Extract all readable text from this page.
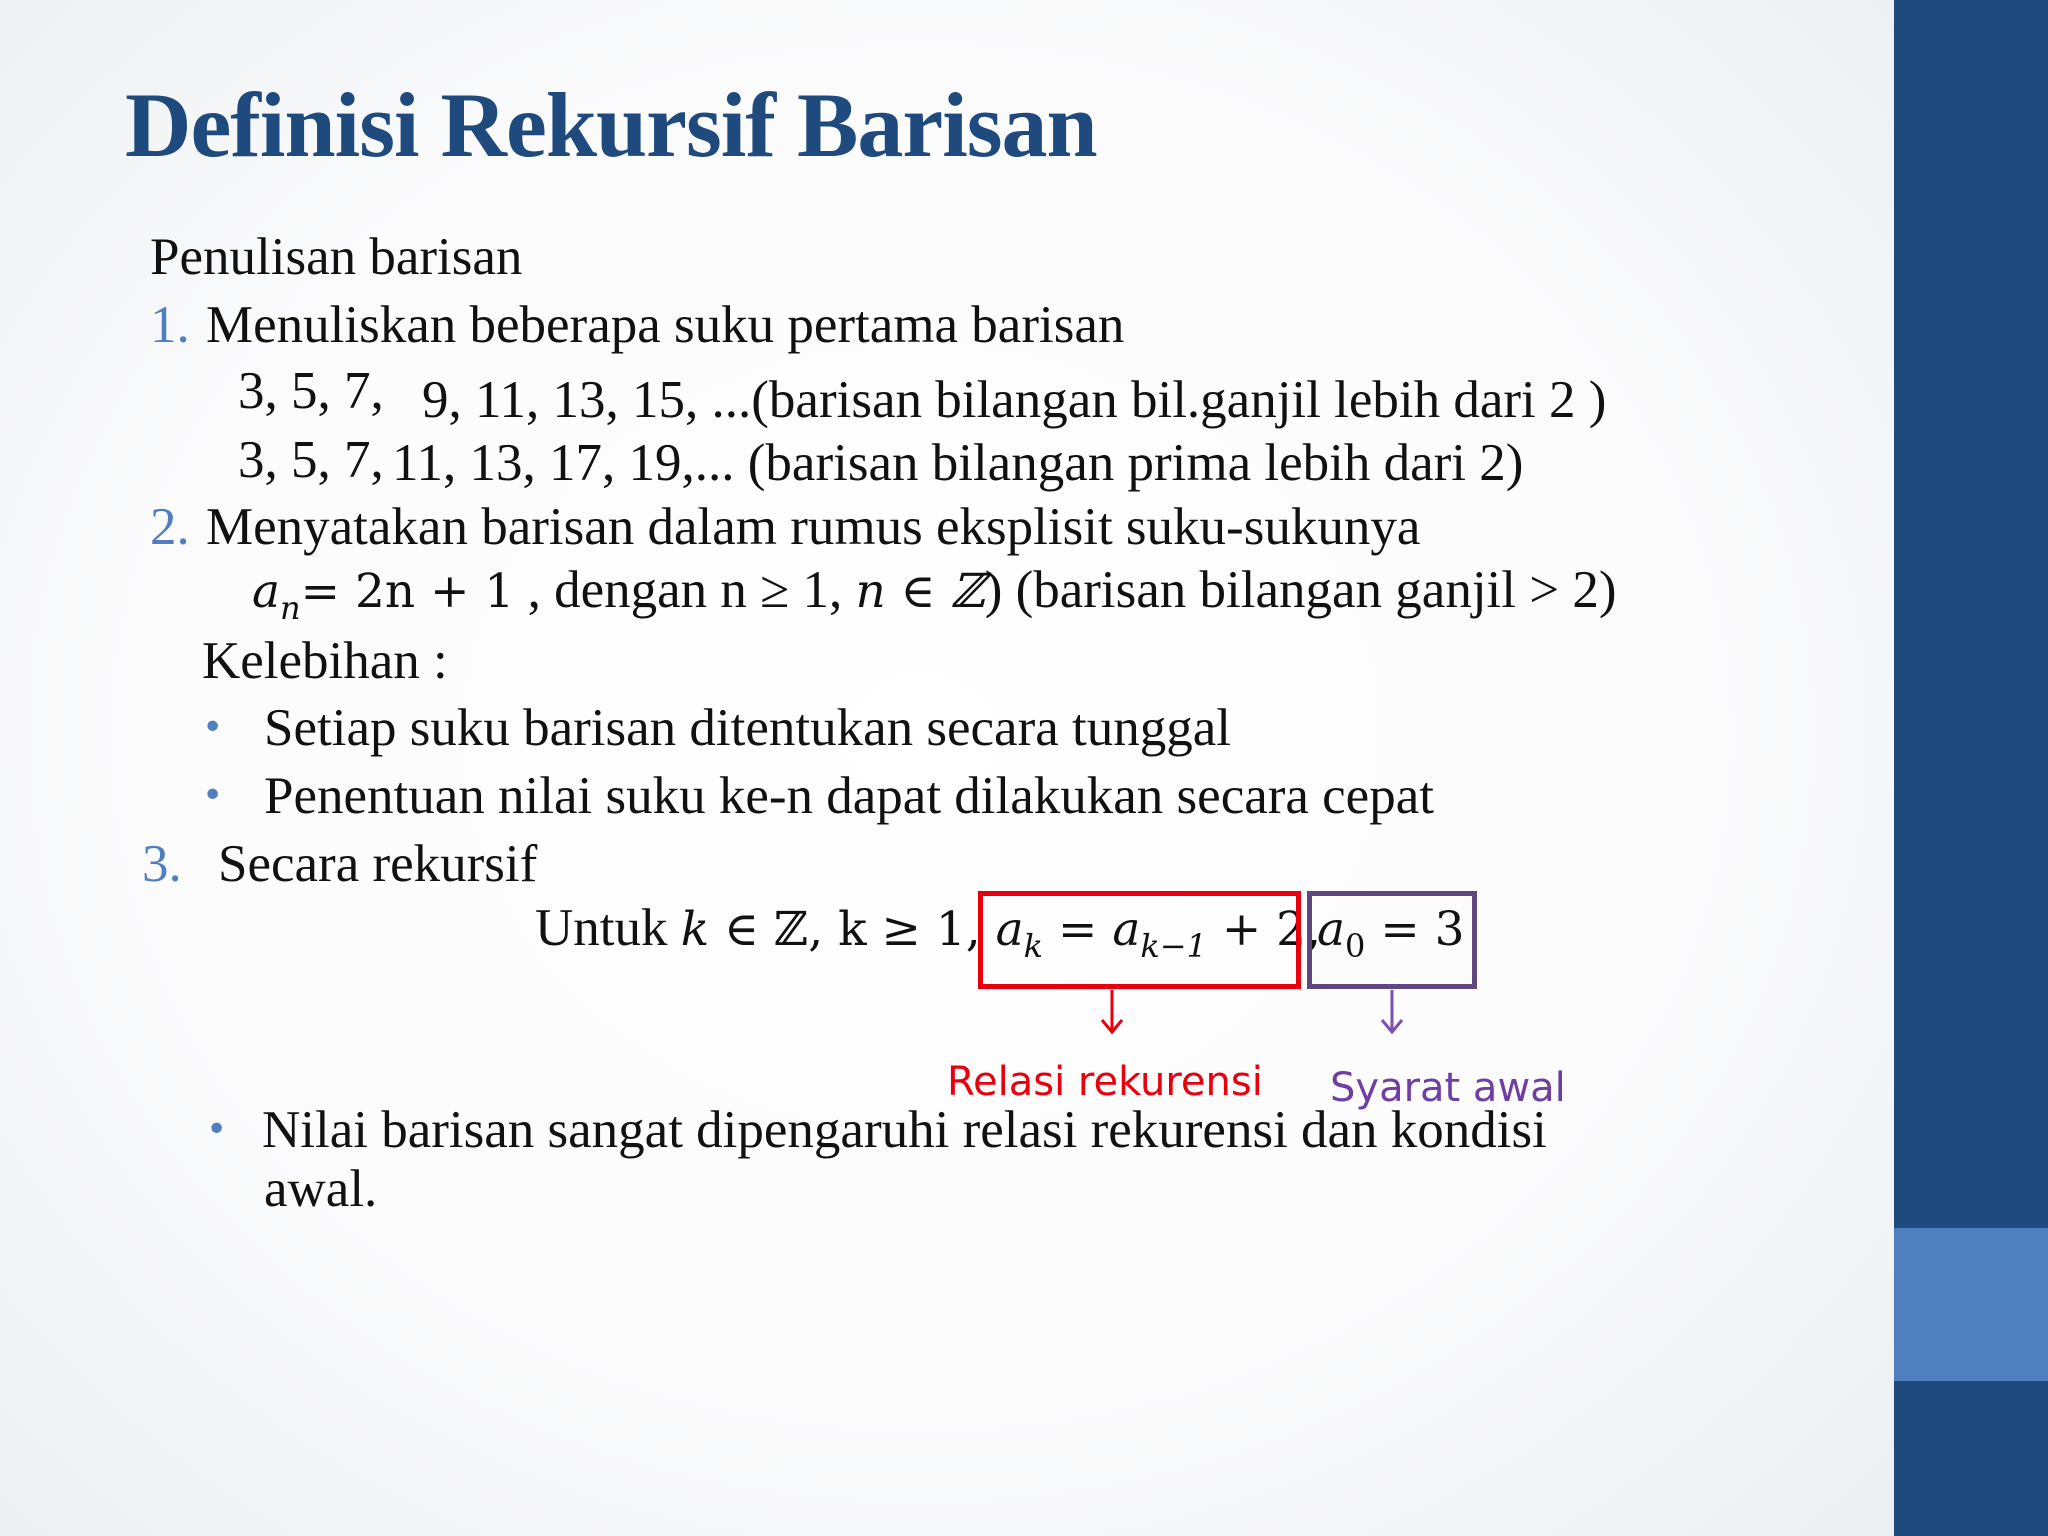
Definisi Rekursif Barisan
Penulisan barisan
1. Menuliskan beberapa suku pertama barisan
3, 5, 7, 9, 11, 13, 15, ...(barisan bilangan bil.ganjil lebih dari 2 )
3, 5, 7, 11, 13, 17, 19,... (barisan bilangan prima lebih dari 2)
2. Menyatakan barisan dalam rumus eksplisit suku-sukunya
$a_n= 2n + 1$ , dengan n ≥ 1, n ∈ ℤ) (barisan bilangan ganjil > 2)
Kelebihan :
• Setiap suku barisan ditentukan secara tunggal
• Penentuan nilai suku ke-n dapat dilakukan secara cepat
3. Secara rekursif
Untuk k ∈ ℤ, k ≥ 1, $a_k = a_{k-1} + 2$,
$a_0 = 3$
Relasi rekurensi Syarat awal
• Nilai barisan sangat dipengaruhi relasi rekurensi dan kondisi
awal.
